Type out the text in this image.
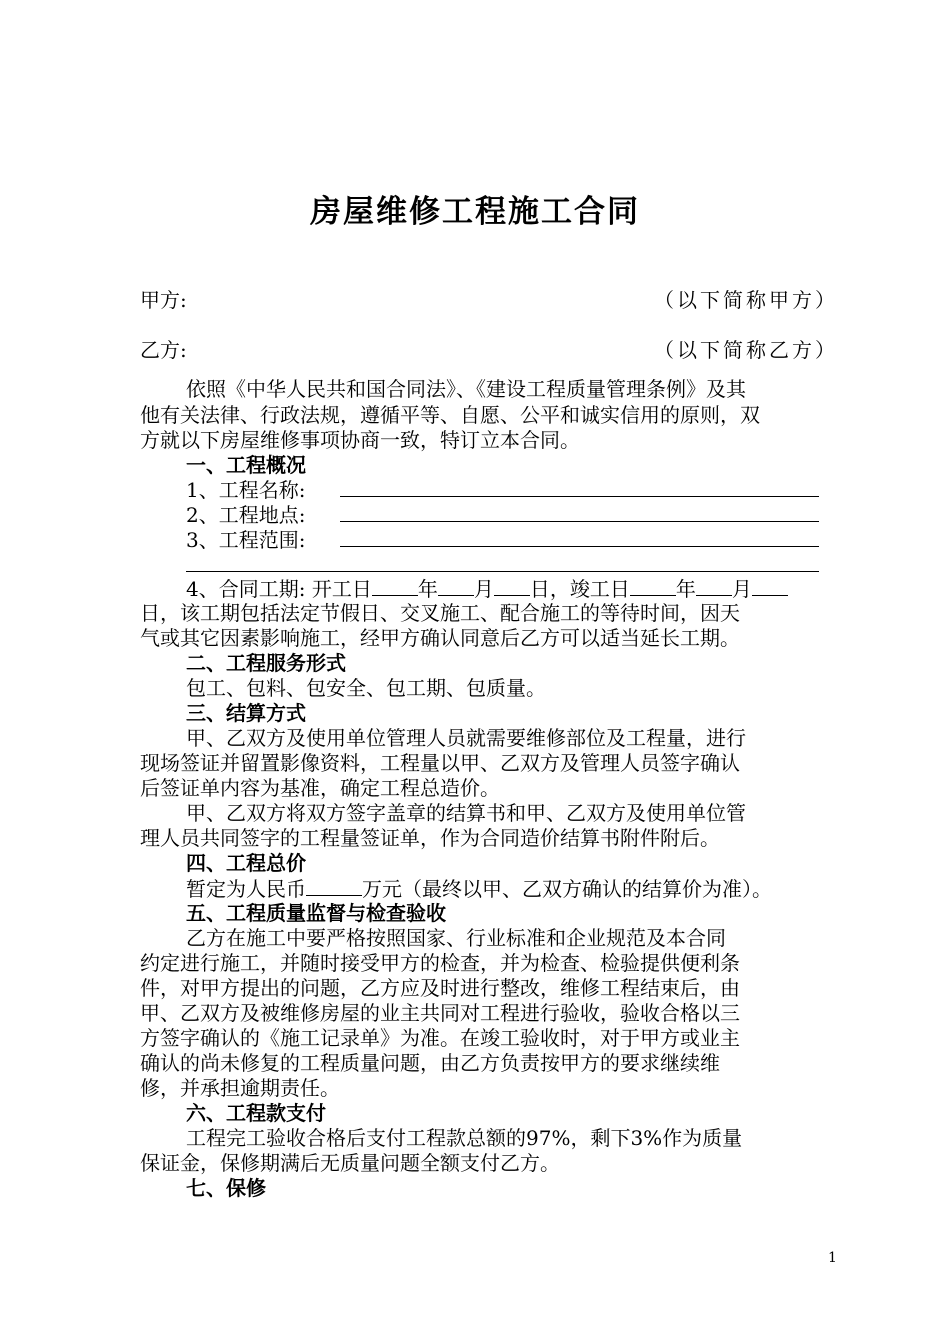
房屋维修工程施工合同
甲方:	（以下简称甲方）
乙方:	（以下简称乙方）
依照《中华人民共和国合同法》、《建设工程质量管理条例》及其
他有关法律、行政法规，遵循平等、自愿、公平和诚实信用的原则，双
方就以下房屋维修事项协商一致，特订立本合同。
一、工程概况
1、工程名称:
2、工程地点:
3、工程范围:
4、合同工期: 开工日 年 月 日，竣工日 年 月
日，该工期包括法定节假日、交叉施工、配合施工的等待时间，因天
气或其它因素影响施工，经甲方确认同意后乙方可以适当延长工期。
二、工程服务形式
包工、包料、包安全、包工期、包质量。
三、结算方式
甲、乙双方及使用单位管理人员就需要维修部位及工程量，进行
现场签证并留置影像资料，工程量以甲、乙双方及管理人员签字确认
后签证单内容为基准，确定工程总造价。
甲、乙双方将双方签字盖章的结算书和甲、乙双方及使用单位管
理人员共同签字的工程量签证单，作为合同造价结算书附件附后。
四、工程总价
暂定为人民币	万元（最终以甲、乙双方确认的结算价为准）。
五、工程质量监督与检查验收
乙方在施工中要严格按照国家、行业标准和企业规范及本合同
约定进行施工，并随时接受甲方的检查，并为检查、检验提供便利条
件，对甲方提出的问题，乙方应及时进行整改，维修工程结束后，由
甲、乙双方及被维修房屋的业主共同对工程进行验收，验收合格以三
方签字确认的《施工记录单》为准。在竣工验收时，对于甲方或业主
确认的尚未修复的工程质量问题，由乙方负责按甲方的要求继续维
修，并承担逾期责任。
六、工程款支付
工程完工验收合格后支付工程款总额的97%，剩下3%作为质量
保证金，保修期满后无质量问题全额支付乙方。
七、保修
1
